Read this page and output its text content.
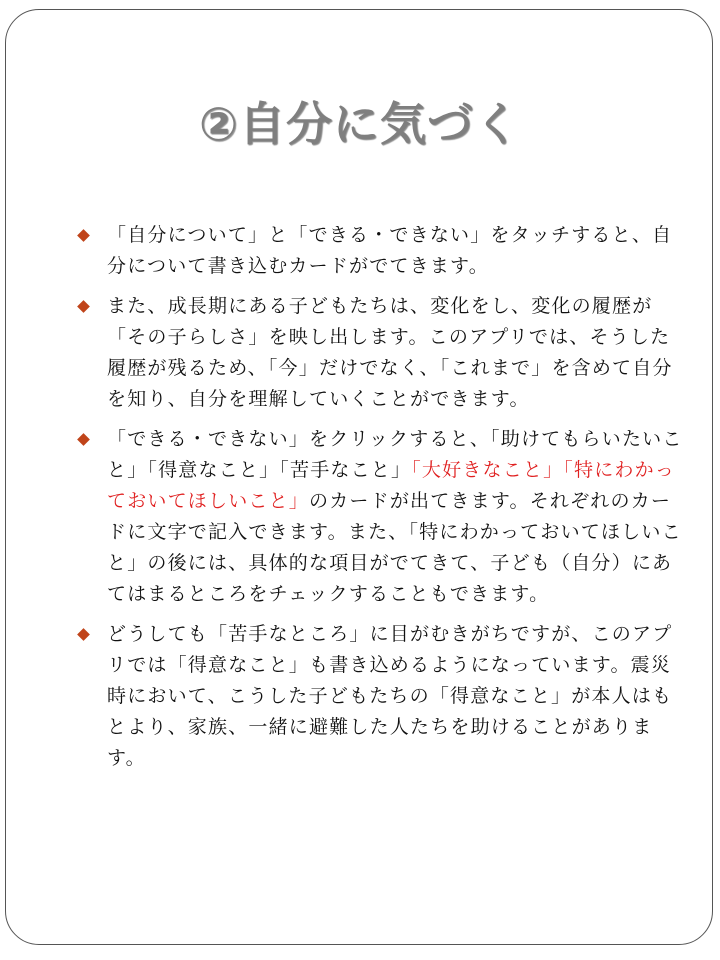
②自分に気づく
「自分について」と「できる・できない」をタッチすると、自分について書き込むカードがでてきます。
また、成長期にある子どもたちは、変化をし、変化の履歴が「その子らしさ」を映し出します。このアプリでは、そうした履歴が残るため、「今」だけでなく、「これまで」を含めて自分を知り、自分を理解していくことができます。
「できる・できない」をクリックすると、「助けてもらいたいこと」「得意なこと」「苦手なこと」「大好きなこと」「特にわかっておいてほしいこと」のカードが出てきます。それぞれのカードに文字で記入できます。また、「特にわかっておいてほしいこと」の後には、具体的な項目がでてきて、子ども（自分）にあてはまるところをチェックすることもできます。
どうしても「苦手なところ」に目がむきがちですが、このアプリでは「得意なこと」も書き込めるようになっています。震災時において、こうした子どもたちの「得意なこと」が本人はもとより、家族、一緒に避難した人たちを助けることがあります。
